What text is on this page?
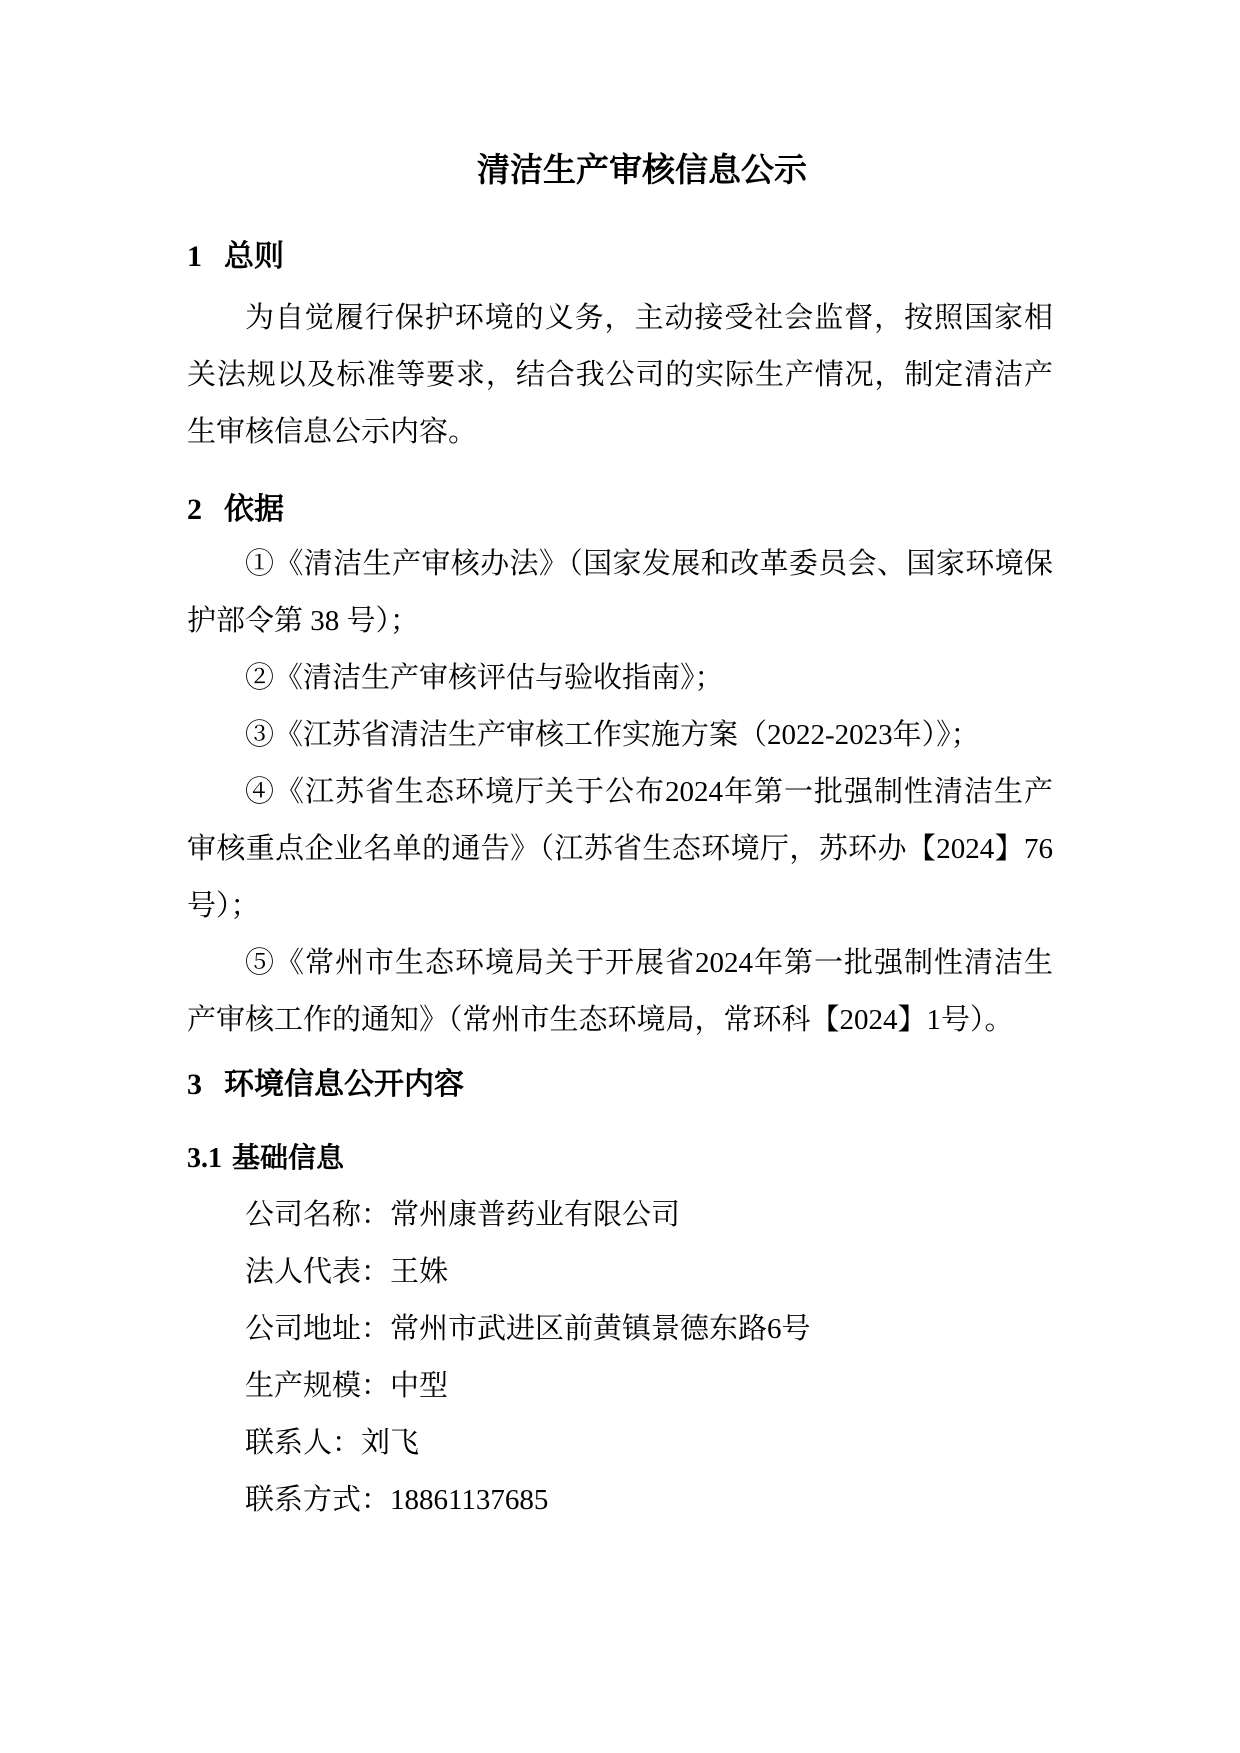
清洁生产审核信息公示
1 总则

为自觉履行保护环境的义务，主动接受社会监督，按照国家相关法规以及标准等要求，结合我公司的实际生产情况，制定清洁产生审核信息公示内容。

2 依据

①《清洁生产审核办法》（国家发展和改革委员会、国家环境保护部令第 38 号）；

②《清洁生产审核评估与验收指南》；

③《江苏省清洁生产审核工作实施方案（2022-2023年）》；

④《江苏省生态环境厅关于公布2024年第一批强制性清洁生产审核重点企业名单的通告》（江苏省生态环境厅，苏环办【2024】76号）；

⑤《常州市生态环境局关于开展省2024年第一批强制性清洁生产审核工作的通知》（常州市生态环境局，常环科【2024】1号）。

3 环境信息公开内容
3.1 基础信息

公司名称：常州康普药业有限公司

法人代表：王姝

公司地址：常州市武进区前黄镇景德东路6号

生产规模：中型

联系人：刘飞

联系方式：18861137685
